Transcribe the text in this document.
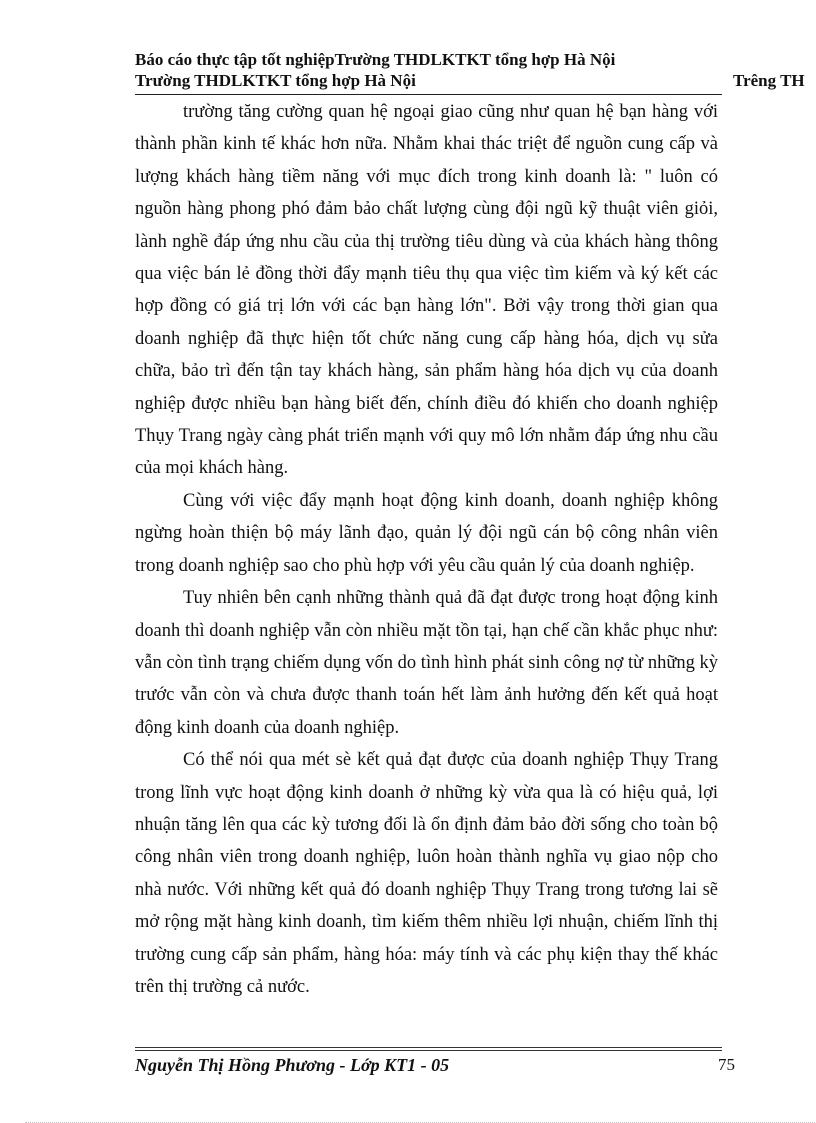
Báo cáo thực tập tốt nghiệpTrường THDLKTKT tổng hợp Hà Nội
Trường THDLKTKT tổng hợp Hà Nội	Trêng TH

trường tăng cường quan hệ ngoại giao cũng như quan hệ bạn hàng với thành phần kinh tế khác hơn nữa. Nhằm khai thác triệt để nguồn cung cấp và lượng khách hàng tiềm năng với mục đích trong kinh doanh là: " luôn có nguồn hàng phong phó đảm bảo chất lượng cùng đội ngũ kỹ thuật viên giỏi, lành nghề đáp ứng nhu cầu của thị trường tiêu dùng và của khách hàng thông qua việc bán lẻ đồng thời đẩy mạnh tiêu thụ qua việc tìm kiếm và ký kết các hợp đồng có giá trị lớn với các bạn hàng lớn". Bởi vậy trong thời gian qua doanh nghiệp đã thực hiện tốt chức năng cung cấp hàng hóa, dịch vụ sửa chữa, bảo trì đến tận tay khách hàng, sản phẩm hàng hóa dịch vụ của doanh nghiệp được nhiều bạn hàng biết đến, chính điều đó khiến cho doanh nghiệp Thụy Trang ngày càng phát triển mạnh với quy mô lớn nhằm đáp ứng nhu cầu của mọi khách hàng.

Cùng với việc đẩy mạnh hoạt động kinh doanh, doanh nghiệp không ngừng hoàn thiện bộ máy lãnh đạo, quản lý đội ngũ cán bộ công nhân viên trong doanh nghiệp sao cho phù hợp với yêu cầu quản lý của doanh nghiệp.

Tuy nhiên bên cạnh những thành quả đã đạt được trong hoạt động kinh doanh thì doanh nghiệp vẫn còn nhiều mặt tồn tại, hạn chế cần khắc phục như: vẫn còn tình trạng chiếm dụng vốn do tình hình phát sinh công nợ từ những kỳ trước vẫn còn và chưa được thanh toán hết làm ảnh hưởng đến kết quả hoạt động kinh doanh của doanh nghiệp.

Có thể nói qua mét sè kết quả đạt được của doanh nghiệp Thụy Trang trong lĩnh vực hoạt động kinh doanh ở những kỳ vừa qua là có hiệu quả, lợi nhuận tăng lên qua các kỳ tương đối là ổn định đảm bảo đời sống cho toàn bộ công nhân viên trong doanh nghiệp, luôn hoàn thành nghĩa vụ giao nộp cho nhà nước. Với những kết quả đó doanh nghiệp Thụy Trang trong tương lai sẽ mở rộng mặt hàng kinh doanh, tìm kiếm thêm nhiều lợi nhuận, chiếm lĩnh thị trường cung cấp sản phẩm, hàng hóa: máy tính và các phụ kiện thay thế khác trên thị trường cả nước.

Nguyễn Thị Hồng Phương - Lớp KT1 - 05	75
